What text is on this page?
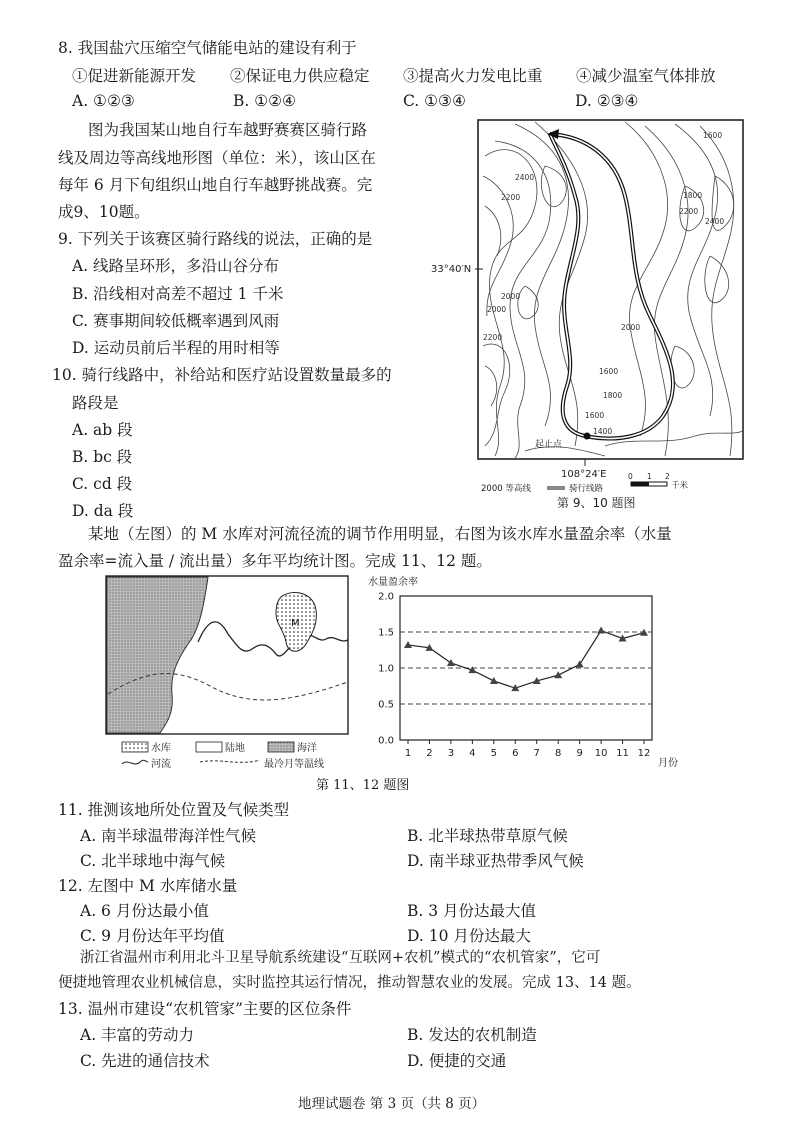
8. 我国盐穴压缩空气储能电站的建设有利于
①促进新能源开发 ②保证电力供应稳定 ③提高火力发电比重 ④减少温室气体排放
A. ①②③	B. ①②④	C. ①③④	D. ②③④
图为我国某山地自行车越野赛赛区骑行路
线及周边等高线地形图（单位：米），该山区在
每年 6 月下旬组织山地自行车越野挑战赛。完
成9、10题。
9. 下列关于该赛区骑行路线的说法，正确的是
A. 线路呈环形，多沿山谷分布
B. 沿线相对高差不超过 1 千米
C. 赛事期间较低概率遇到风雨
D. 运动员前后半程的用时相等
10. 骑行线路中，补给站和医疗站设置数量最多的
路段是
A. ab 段
B. bc 段
C. cd 段
D. da 段
1600
2400
2200	1800
2200
2400
2000
2000
2200
1600
1800
1600
1400
2000
33°40′N
起止点
108°24′E
2000 等高线	骑行线路
0 1 2
千米
第 9、10 题图
某地（左图）的 M 水库对河流径流的调节作用明显，右图为该水库水量盈余率（水量
盈余率=流入量 / 流出量）多年平均统计图。完成 11、12 题。
M
水库	陆地	海洋
河流	最冷月等温线
水量盈余率
0.0
0.5
1.0
1.5
2.0
1 2 3 4 5 6 7 8 9 10 11 12
月份
第 11、12 题图
11. 推测该地所处位置及气候类型
A. 南半球温带海洋性气候	B. 北半球热带草原气候
C. 北半球地中海气候	D. 南半球亚热带季风气候
12. 左图中 M 水库储水量
A. 6 月份达最小值	B. 3 月份达最大值
C. 9 月份达年平均值	D. 10 月份达最大
浙江省温州市利用北斗卫星导航系统建设“互联网+农机”模式的“农机管家”，它可
便捷地管理农业机械信息，实时监控其运行情况，推动智慧农业的发展。完成 13、14 题。
13. 温州市建设“农机管家”主要的区位条件
A. 丰富的劳动力	B. 发达的农机制造
C. 先进的通信技术	D. 便捷的交通
地理试题卷 第 3 页（共 8 页）
